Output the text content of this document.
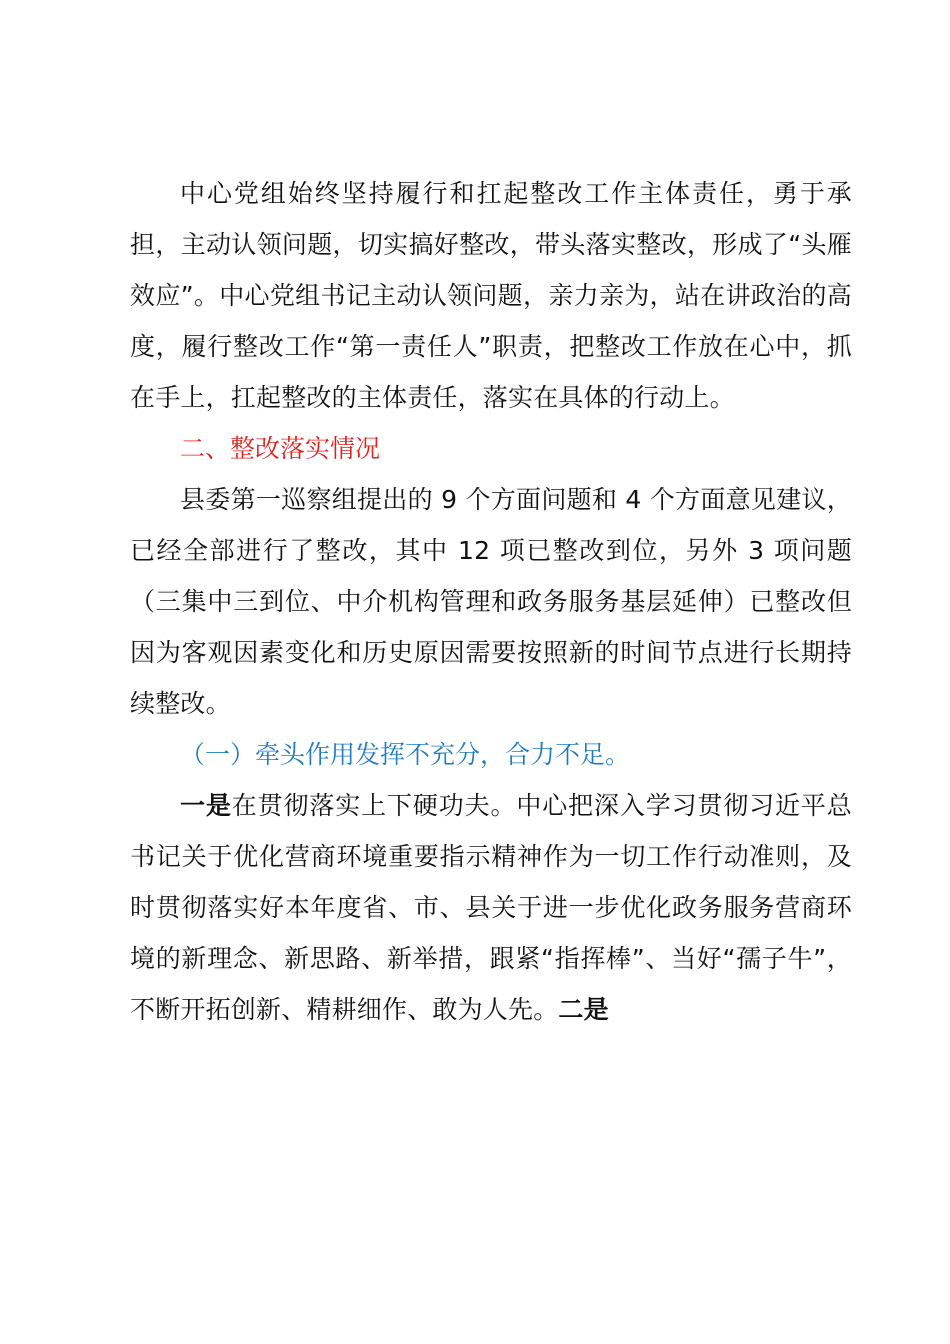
中心党组始终坚持履行和扛起整改工作主体责任，勇于承担，主动认领问题，切实搞好整改，带头落实整改，形成了“头雁效应”。中心党组书记主动认领问题，亲力亲为，站在讲政治的高度，履行整改工作“第一责任人”职责，把整改工作放在心中，抓在手上，扛起整改的主体责任，落实在具体的行动上。

二、整改落实情况

县委第一巡察组提出的 9 个方面问题和 4 个方面意见建议，已经全部进行了整改，其中 12 项已整改到位，另外 3 项问题（三集中三到位、中介机构管理和政务服务基层延伸）已整改但因为客观因素变化和历史原因需要按照新的时间节点进行长期持续整改。

（一）牵头作用发挥不充分，合力不足。

一是在贯彻落实上下硬功夫。中心把深入学习贯彻习近平总书记关于优化营商环境重要指示精神作为一切工作行动准则，及时贯彻落实好本年度省、市、县关于进一步优化政务服务营商环境的新理念、新思路、新举措，跟紧“指挥棒”、当好“孺子牛”，不断开拓创新、精耕细作、敢为人先。二是
